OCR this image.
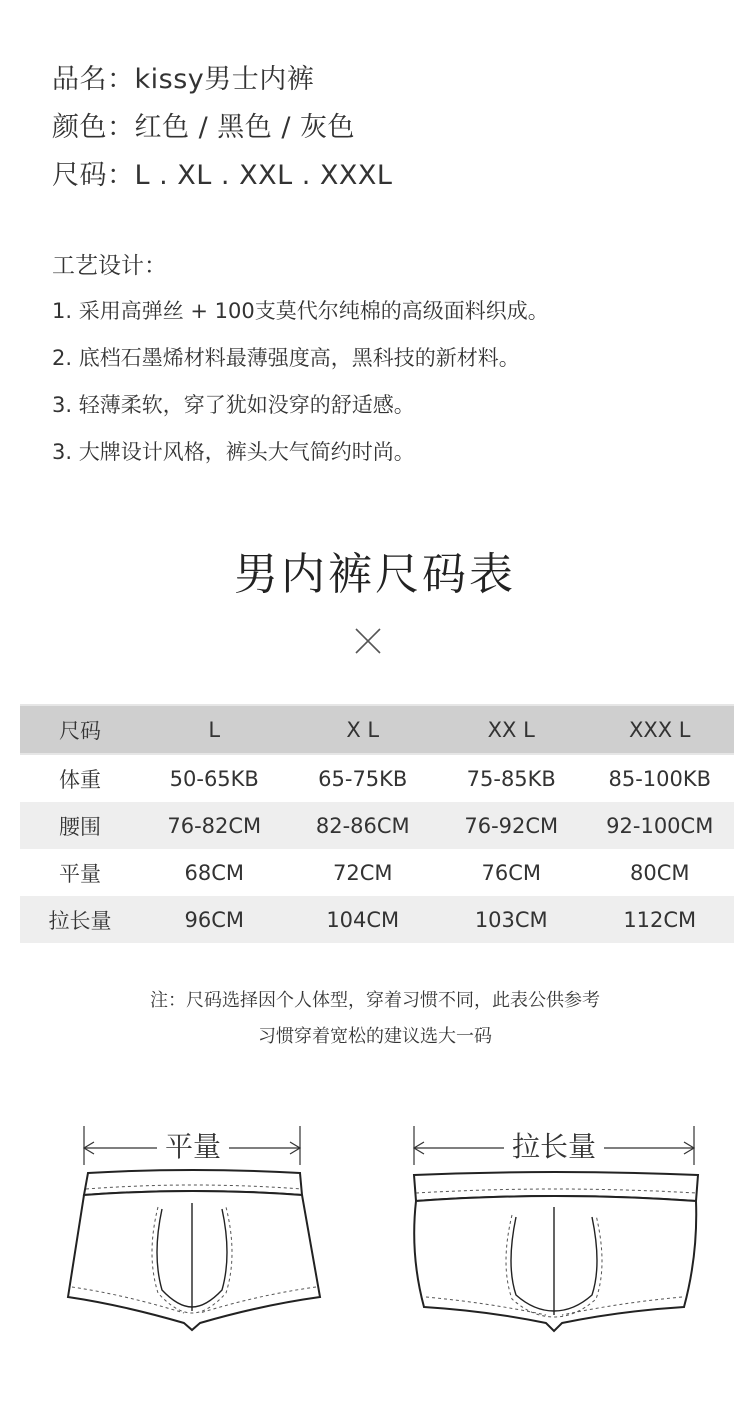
品名：kissy男士内裤
颜色：红色 / 黑色 / 灰色
尺码：L . XL . XXL . XXXL
工艺设计：
1. 采用高弹丝 + 100支莫代尔纯棉的高级面料织成。
2. 底档石墨烯材料最薄强度高，黑科技的新材料。
3. 轻薄柔软，穿了犹如没穿的舒适感。
3. 大牌设计风格，裤头大气简约时尚。
男内裤尺码表
尺码	L	X L	XX L	XXX L
体重	50-65KB	65-75KB	75-85KB	85-100KB
腰围	76-82CM	82-86CM	76-92CM	92-100CM
平量	68CM	72CM	76CM	80CM
拉长量	96CM	104CM	103CM	112CM
注：尺码选择因个人体型，穿着习惯不同，此表公供参考
习惯穿着宽松的建议选大一码
平量	拉长量
